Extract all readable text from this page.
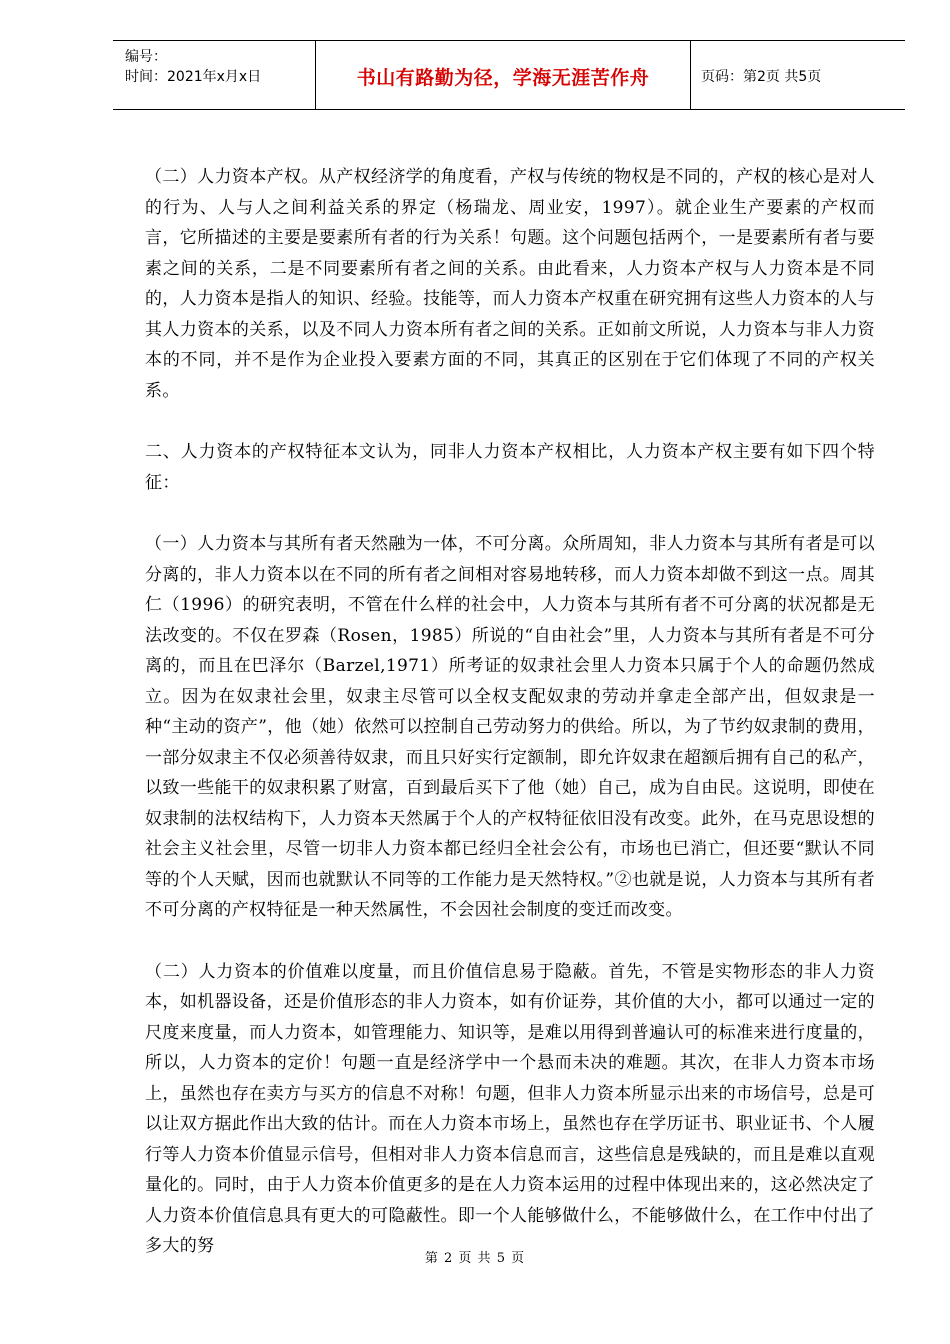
编号：
时间：2021年x月x日	书山有路勤为径，学海无涯苦作舟	页码：第2页 共5页

（二）人力资本产权。从产权经济学的角度看，产权与传统的物权是不同的，产权的核心是对人的行为、人与人之间利益关系的界定（杨瑞龙、周业安，1997）。就企业生产要素的产权而言，它所描述的主要是要素所有者的行为关系！句题。这个问题包括两个，一是要素所有者与要素之间的关系，二是不同要素所有者之间的关系。由此看来，人力资本产权与人力资本是不同的，人力资本是指人的知识、经验。技能等，而人力资本产权重在研究拥有这些人力资本的人与其人力资本的关系，以及不同人力资本所有者之间的关系。正如前文所说，人力资本与非人力资本的不同，并不是作为企业投入要素方面的不同，其真正的区别在于它们体现了不同的产权关系。

二、人力资本的产权特征本文认为，同非人力资本产权相比，人力资本产权主要有如下四个特征：

（一）人力资本与其所有者天然融为一体，不可分离。众所周知，非人力资本与其所有者是可以分离的，非人力资本以在不同的所有者之间相对容易地转移，而人力资本却做不到这一点。周其仁（1996）的研究表明，不管在什么样的社会中，人力资本与其所有者不可分离的状况都是无法改变的。不仅在罗森（Rosen，1985）所说的“自由社会”里，人力资本与其所有者是不可分离的，而且在巴泽尔（Barzel,1971）所考证的奴隶社会里人力资本只属于个人的命题仍然成立。因为在奴隶社会里，奴隶主尽管可以全权支配奴隶的劳动并拿走全部产出，但奴隶是一种“主动的资产”，他（她）依然可以控制自己劳动努力的供给。所以，为了节约奴隶制的费用，一部分奴隶主不仅必须善待奴隶，而且只好实行定额制，即允许奴隶在超额后拥有自己的私产，以致一些能干的奴隶积累了财富，百到最后买下了他（她）自己，成为自由民。这说明，即使在奴隶制的法权结构下，人力资本天然属于个人的产权特征依旧没有改变。此外，在马克思设想的社会主义社会里，尽管一切非人力资本都已经归全社会公有，市场也已消亡，但还要“默认不同等的个人天赋，因而也就默认不同等的工作能力是天然特权。”②也就是说，人力资本与其所有者不可分离的产权特征是一种天然属性，不会因社会制度的变迁而改变。

（二）人力资本的价值难以度量，而且价值信息易于隐蔽。首先，不管是实物形态的非人力资本，如机器设备，还是价值形态的非人力资本，如有价证券，其价值的大小，都可以通过一定的尺度来度量，而人力资本，如管理能力、知识等，是难以用得到普遍认可的标准来进行度量的，所以，人力资本的定价！句题一直是经济学中一个悬而未决的难题。其次，在非人力资本市场上，虽然也存在卖方与买方的信息不对称！句题，但非人力资本所显示出来的市场信号，总是可以让双方据此作出大致的估计。而在人力资本市场上，虽然也存在学历证书、职业证书、个人履行等人力资本价值显示信号，但相对非人力资本信息而言，这些信息是残缺的，而且是难以直观量化的。同时，由于人力资本价值更多的是在人力资本运用的过程中体现出来的，这必然决定了人力资本价值信息具有更大的可隐蔽性。即一个人能够做什么，不能够做什么，在工作中付出了多大的努

第 2 页 共 5 页
